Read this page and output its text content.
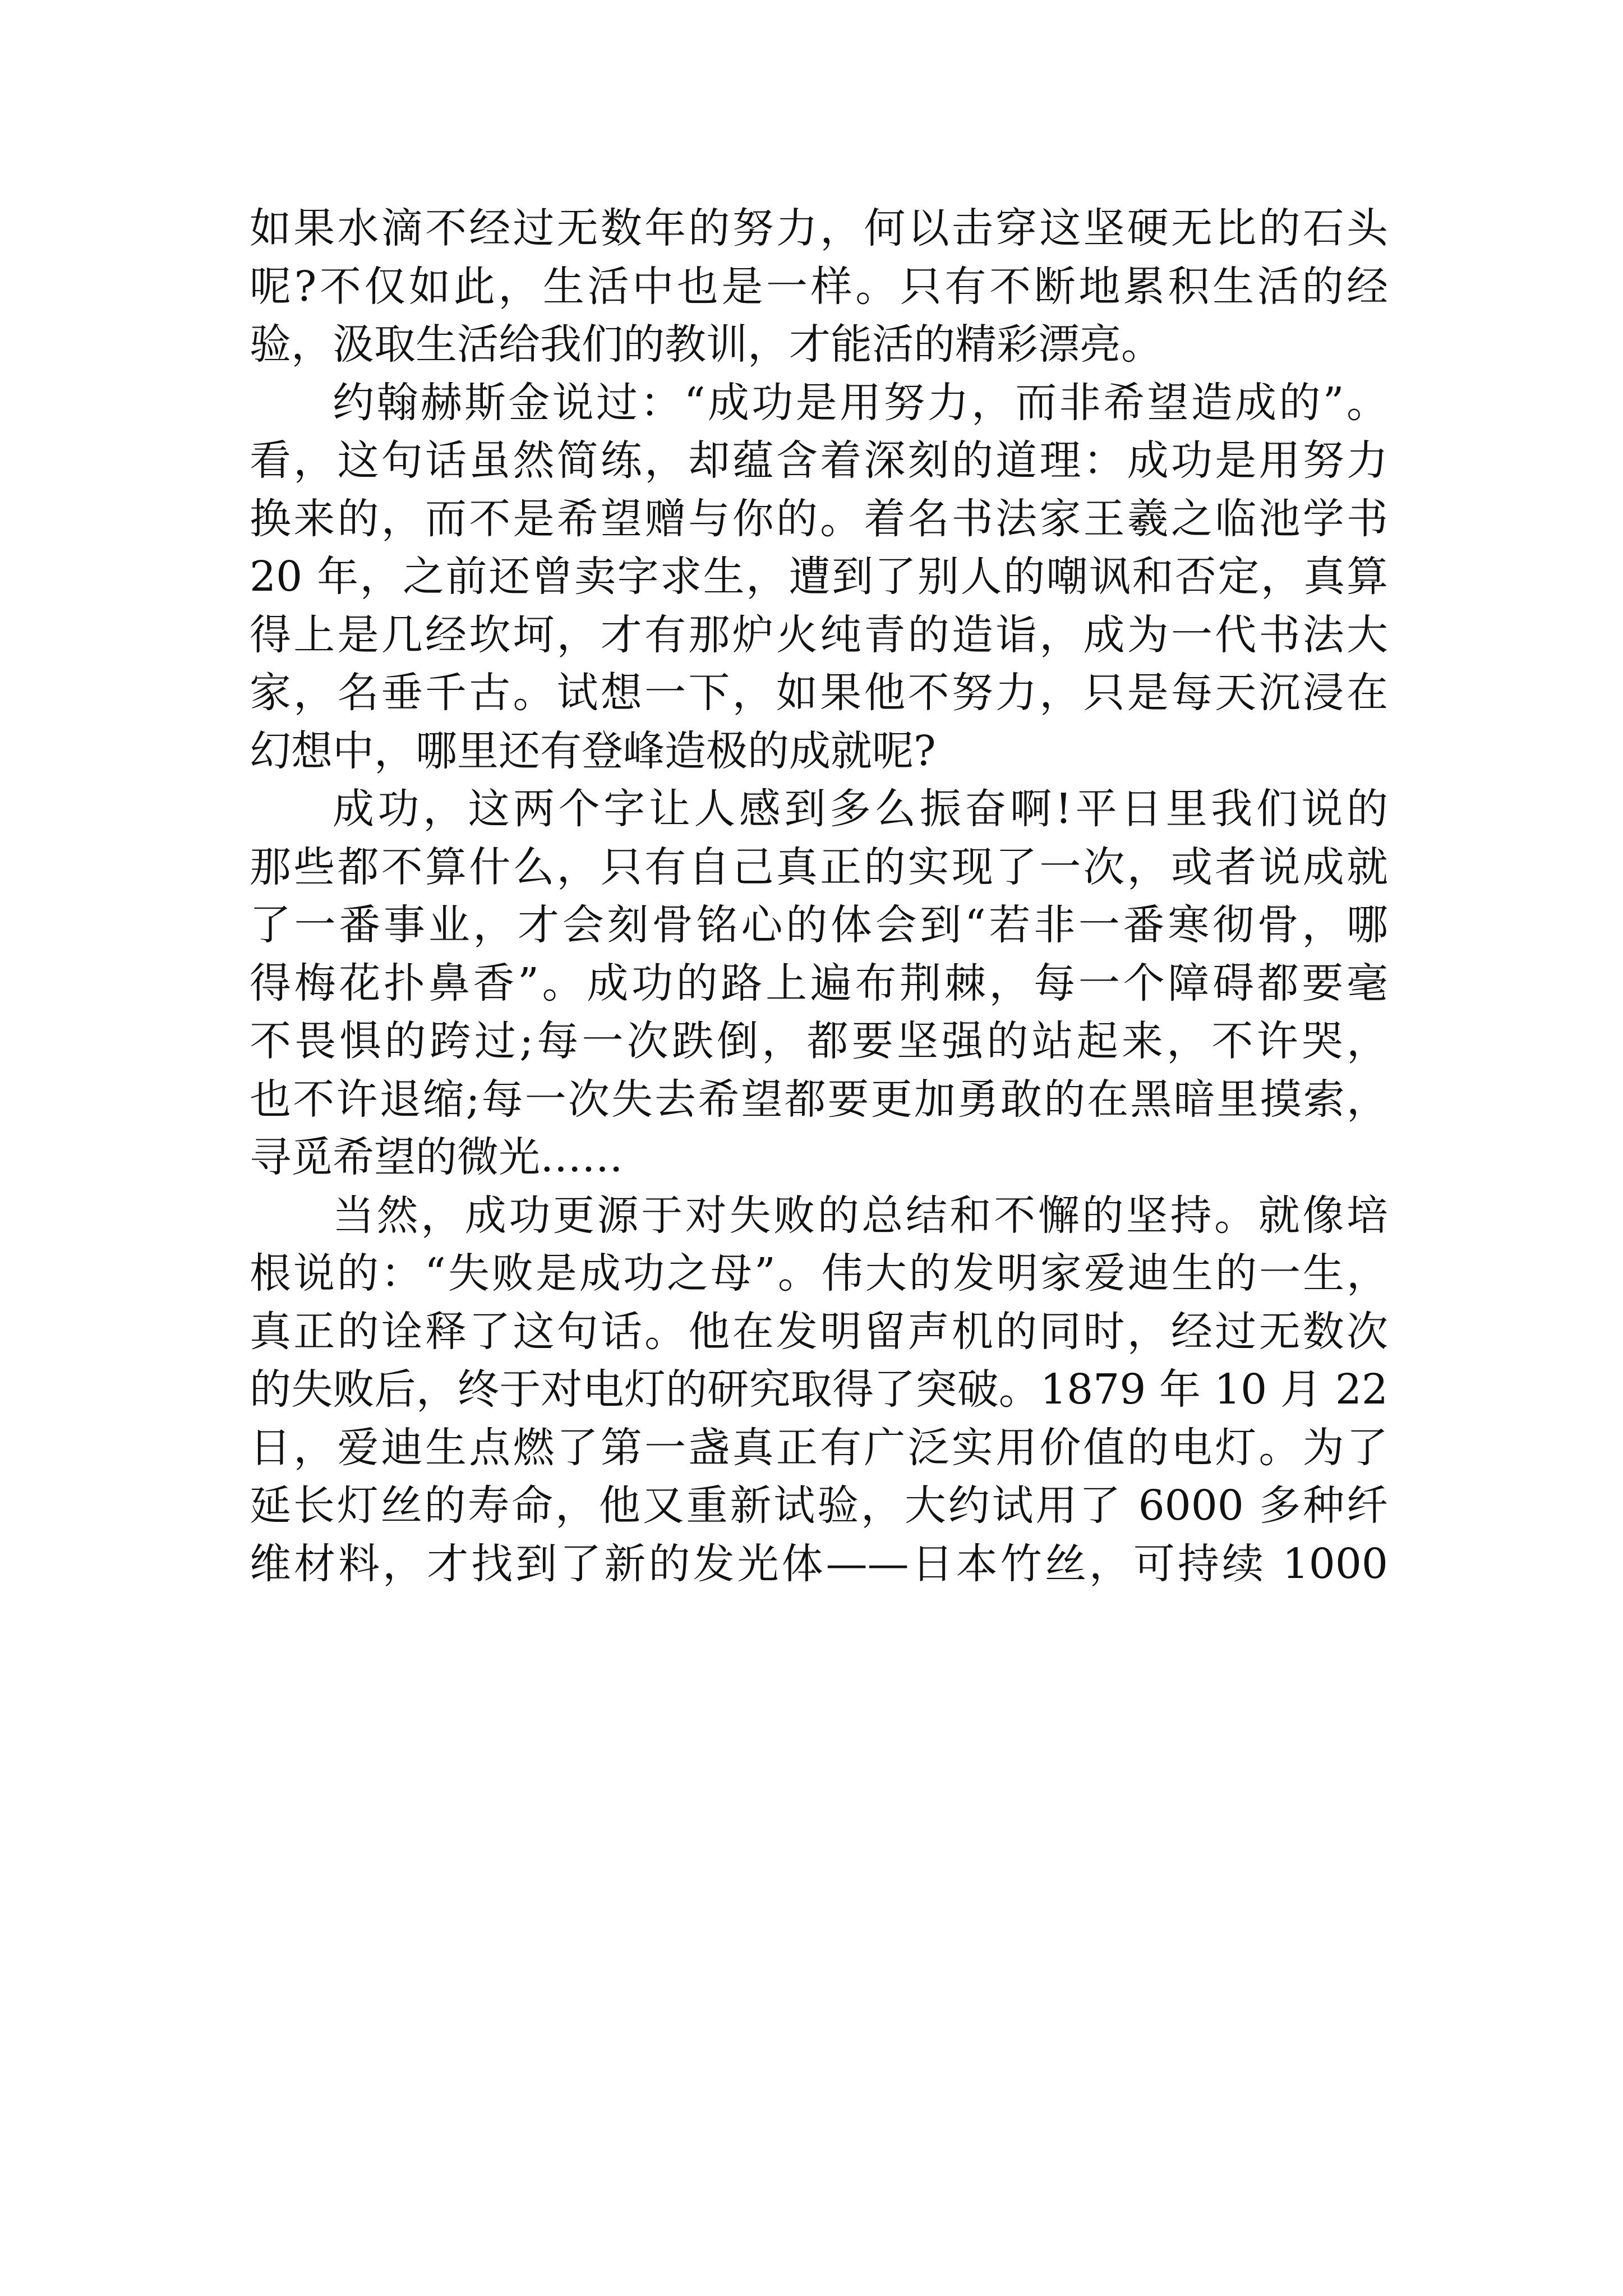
如果水滴不经过无数年的努力，何以击穿这坚硬无比的石头
呢?不仅如此，生活中也是一样。只有不断地累积生活的经
验，汲取生活给我们的教训，才能活的精彩漂亮。
约翰赫斯金说过：“成功是用努力，而非希望造成的”。
看，这句话虽然简练，却蕴含着深刻的道理：成功是用努力
换来的，而不是希望赠与你的。着名书法家王羲之临池学书
20 年，之前还曾卖字求生，遭到了别人的嘲讽和否定，真算
得上是几经坎坷，才有那炉火纯青的造诣，成为一代书法大
家，名垂千古。试想一下，如果他不努力，只是每天沉浸在
幻想中，哪里还有登峰造极的成就呢?
成功，这两个字让人感到多么振奋啊!平日里我们说的
那些都不算什么，只有自己真正的实现了一次，或者说成就
了一番事业，才会刻骨铭心的体会到“若非一番寒彻骨，哪
得梅花扑鼻香”。成功的路上遍布荆棘，每一个障碍都要毫
不畏惧的跨过;每一次跌倒，都要坚强的站起来，不许哭，
也不许退缩;每一次失去希望都要更加勇敢的在黑暗里摸索，
寻觅希望的微光……
当然，成功更源于对失败的总结和不懈的坚持。就像培
根说的：“失败是成功之母”。伟大的发明家爱迪生的一生，
真正的诠释了这句话。他在发明留声机的同时，经过无数次
的失败后，终于对电灯的研究取得了突破。1879 年 10 月 22
日，爱迪生点燃了第一盏真正有广泛实用价值的电灯。为了
延长灯丝的寿命，他又重新试验，大约试用了 6000 多种纤
维材料，才找到了新的发光体——日本竹丝，可持续 1000
